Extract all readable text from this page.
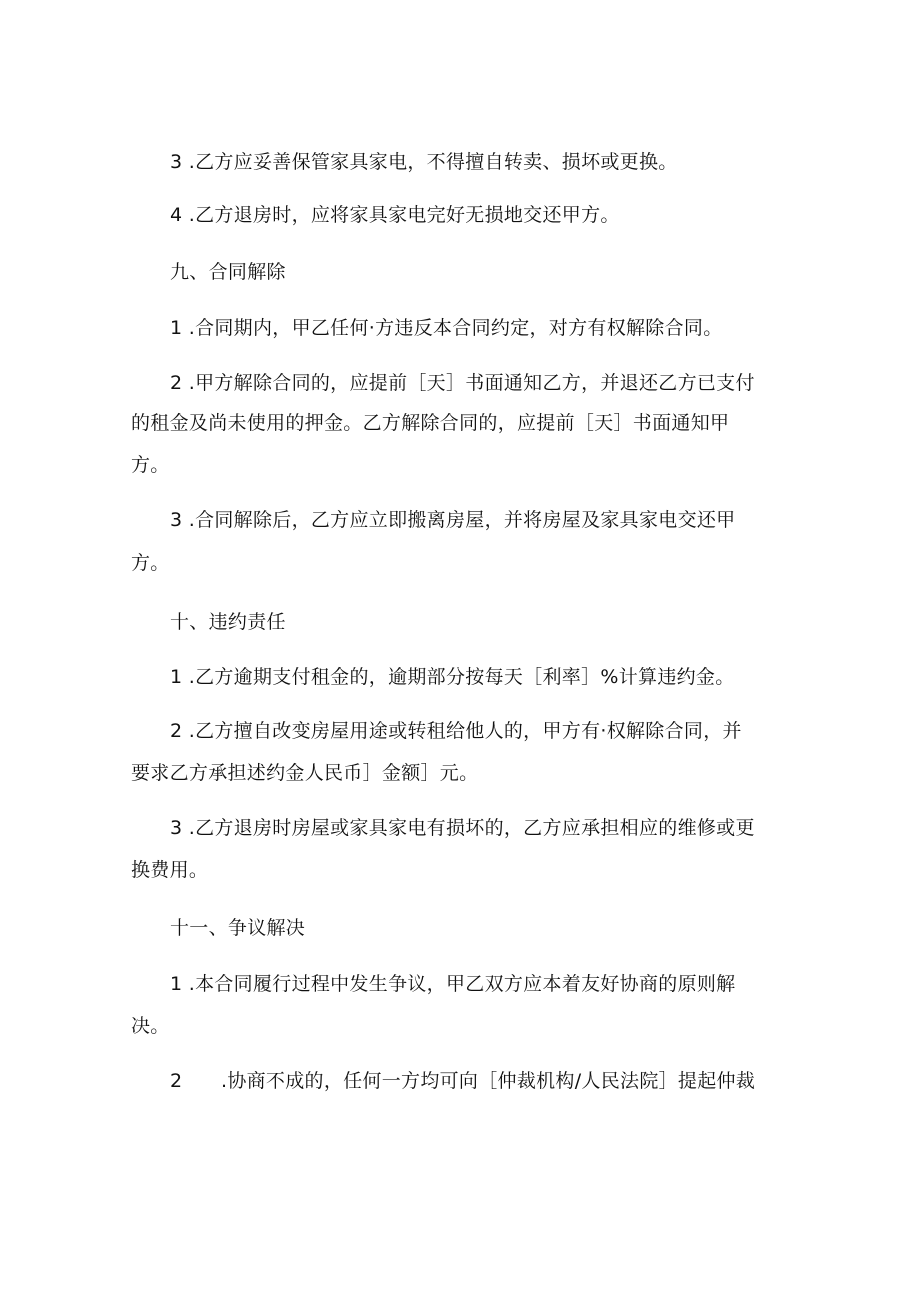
3 .乙方应妥善保管家具家电，不得擅自转卖、损坏或更换。
4 .乙方退房时，应将家具家电完好无损地交还甲方。
九、合同解除
1 .合同期内，甲乙任何·方违反本合同约定，对方有权解除合同。
2 .甲方解除合同的，应提前［天］书面通知乙方，并退还乙方已支付
的租金及尚未使用的押金。乙方解除合同的，应提前［天］书面通知甲
方。
3 .合同解除后，乙方应立即搬离房屋，并将房屋及家具家电交还甲
方。
十、违约责任
1 .乙方逾期支付租金的，逾期部分按每天［利率］%计算违约金。
2 .乙方擅自改变房屋用途或转租给他人的，甲方有·权解除合同，并
要求乙方承担述约金人民币］金额］元。
3 .乙方退房时房屋或家具家电有损坏的，乙方应承担相应的维修或更
换费用。
十一、争议解决
1 .本合同履行过程中发生争议，甲乙双方应本着友好协商的原则解
决。
2　　.协商不成的，任何一方均可向［仲裁机构/人民法院］提起仲裁
